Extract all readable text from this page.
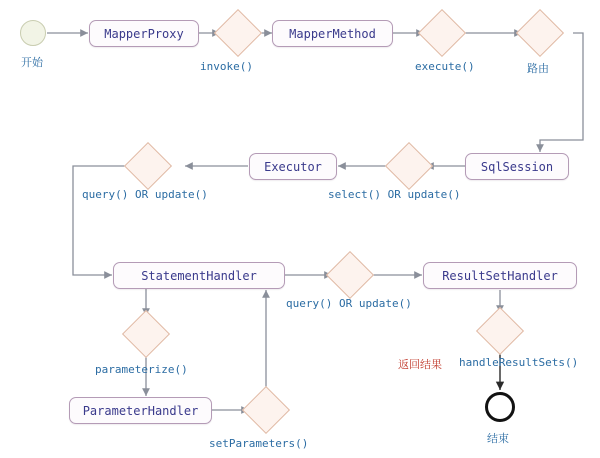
开始
MapperProxy
invoke()
MapperMethod
execute()	路由
SqlSession
select() OR update()
Executor
query() OR update()
StatementHandler
query() OR update()
ResultSetHandler
parameterize()
ParameterHandler
setParameters()
返回结果 handleResultSets()
结束
